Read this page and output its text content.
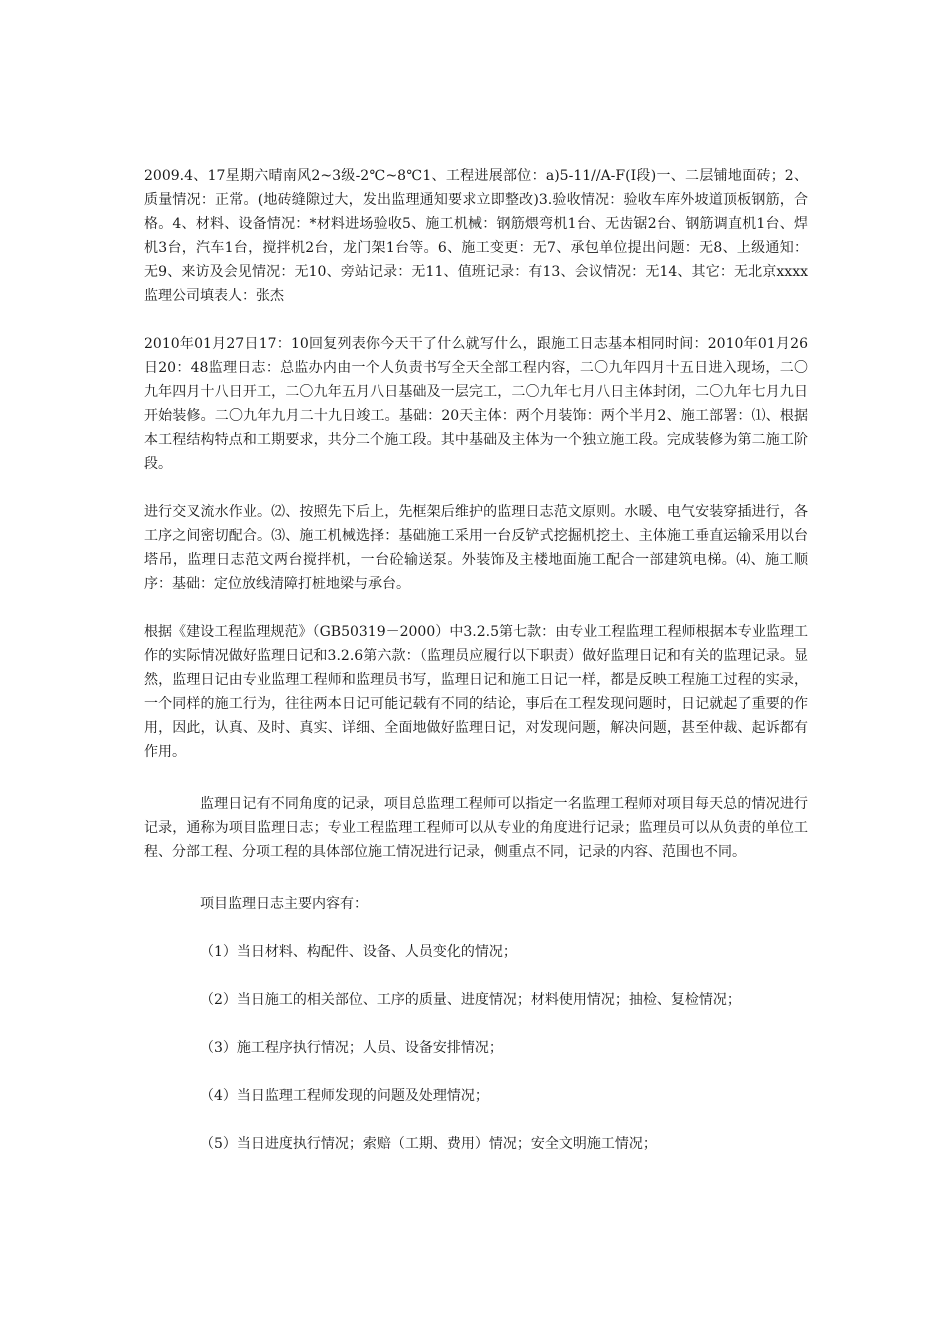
2009.4、17星期六晴南风2~3级-2℃~8℃1、工程进展部位：a)5-11//A-F(I段)一、二层铺地面砖；2、质量情况：正常。(地砖缝隙过大，发出监理通知要求立即整改)3.验收情况：验收车库外坡道顶板钢筋，合格。4、材料、设备情况：*材料进场验收5、施工机械：钢筋煨弯机1台、无齿锯2台、钢筋调直机1台、焊机3台，汽车1台，搅拌机2台，龙门架1台等。6、施工变更：无7、承包单位提出问题：无8、上级通知：无9、来访及会见情况：无10、旁站记录：无11、值班记录：有13、会议情况：无14、其它：无北京xxxx监理公司填表人：张杰

2010年01月27日17：10回复列表你今天干了什么就写什么，跟施工日志基本相同时间：2010年01月26日20：48监理日志：总监办内由一个人负责书写全天全部工程内容，二〇九年四月十五日进入现场，二〇九年四月十八日开工，二〇九年五月八日基础及一层完工，二〇九年七月八日主体封闭，二〇九年七月九日开始装修。二〇九年九月二十九日竣工。基础：20天主体：两个月装饰：两个半月2、施工部署：⑴、根据本工程结构特点和工期要求，共分二个施工段。其中基础及主体为一个独立施工段。完成装修为第二施工阶段。

进行交叉流水作业。⑵、按照先下后上，先框架后维护的监理日志范文原则。水暖、电气安装穿插进行，各工序之间密切配合。⑶、施工机械选择：基础施工采用一台反铲式挖掘机挖土、主体施工垂直运输采用以台塔吊，监理日志范文两台搅拌机，一台砼输送泵。外装饰及主楼地面施工配合一部建筑电梯。⑷、施工顺序：基础：定位放线清障打桩地梁与承台。

根据《建设工程监理规范》（GB50319－2000）中3.2.5第七款：由专业工程监理工程师根据本专业监理工作的实际情况做好监理日记和3.2.6第六款：（监理员应履行以下职责）做好监理日记和有关的监理记录。显然，监理日记由专业监理工程师和监理员书写，监理日记和施工日记一样，都是反映工程施工过程的实录，一个同样的施工行为，往往两本日记可能记载有不同的结论，事后在工程发现问题时，日记就起了重要的作用，因此，认真、及时、真实、详细、全面地做好监理日记，对发现问题，解决问题，甚至仲裁、起诉都有作用。

监理日记有不同角度的记录，项目总监理工程师可以指定一名监理工程师对项目每天总的情况进行记录，通称为项目监理日志；专业工程监理工程师可以从专业的角度进行记录；监理员可以从负责的单位工程、分部工程、分项工程的具体部位施工情况进行记录，侧重点不同，记录的内容、范围也不同。

项目监理日志主要内容有：

（1）当日材料、构配件、设备、人员变化的情况；
（2）当日施工的相关部位、工序的质量、进度情况；材料使用情况；抽检、复检情况；
（3）施工程序执行情况；人员、设备安排情况；
（4）当日监理工程师发现的问题及处理情况；
（5）当日进度执行情况；索赔（工期、费用）情况；安全文明施工情况；
